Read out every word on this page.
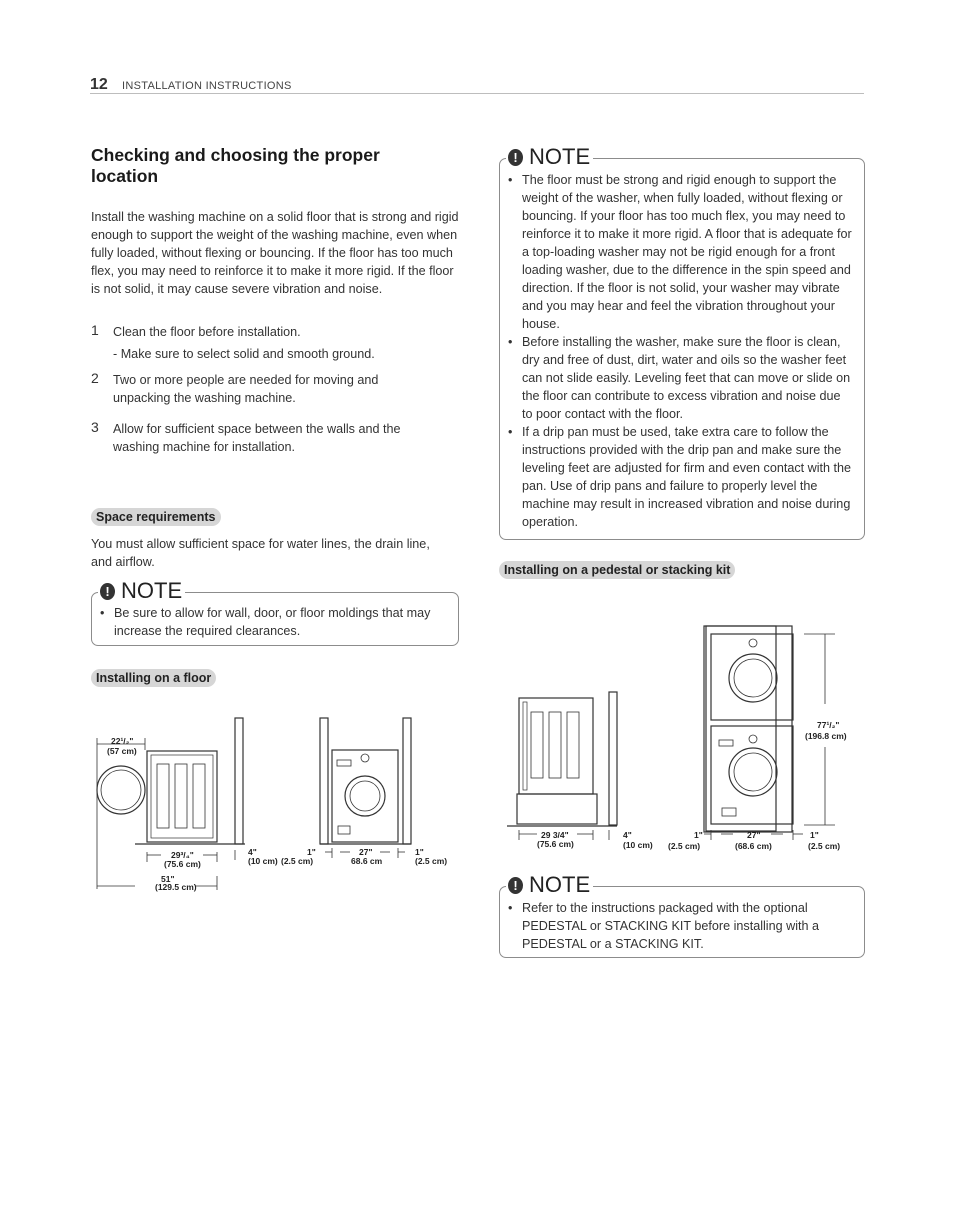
12 INSTALLATION INSTRUCTIONS
Checking and choosing the proper location
Install the washing machine on a solid floor that is strong and rigid enough to support the weight of the washing machine, even when fully loaded, without flexing or bouncing. If the floor has too much flex, you may need to reinforce it to make it more rigid. If the floor is not solid, it may cause severe vibration and noise.
1 Clean the floor before installation.
- Make sure to select solid and smooth ground.
2 Two or more people are needed for moving and unpacking the washing machine.
3 Allow for sufficient space between the walls and the washing machine for installation.
Space requirements
You must allow sufficient space for water lines, the drain line, and airflow.
! NOTE
• Be sure to allow for wall, door, or floor moldings that may increase the required clearances.
Installing on a floor
22¹/₂"
(57 cm)
29³/₄"
(75.6 cm)
51"
(129.5 cm)
4"
(10 cm)
1"
(2.5 cm)
27"
68.6 cm
1"
(2.5 cm)
! NOTE
• The floor must be strong and rigid enough to support the weight of the washer, when fully loaded, without flexing or bouncing. If your floor has too much flex, you may need to reinforce it to make it more rigid. A floor that is adequate for a top-loading washer may not be rigid enough for a front loading washer, due to the difference in the spin speed and direction. If the floor is not solid, your washer may vibrate and you may hear and feel the vibration throughout your house.
• Before installing the washer, make sure the floor is clean, dry and free of dust, dirt, water and oils so the washer feet can not slide easily. Leveling feet that can move or slide on the floor can contribute to excess vibration and noise due to poor contact with the floor.
• If a drip pan must be used, take extra care to follow the instructions provided with the drip pan and make sure the leveling feet are adjusted for firm and even contact with the pan. Use of drip pans and failure to properly level the machine may result in increased vibration and noise during operation.
Installing on a pedestal or stacking kit
29 3/4"
(75.6 cm)
4"
(10 cm)
1"
(2.5 cm)
27"
(68.6 cm)
1"
(2.5 cm)
77¹/₂"
(196.8 cm)
! NOTE
• Refer to the instructions packaged with the optional PEDESTAL or STACKING KIT before installing with a PEDESTAL or a STACKING KIT.
